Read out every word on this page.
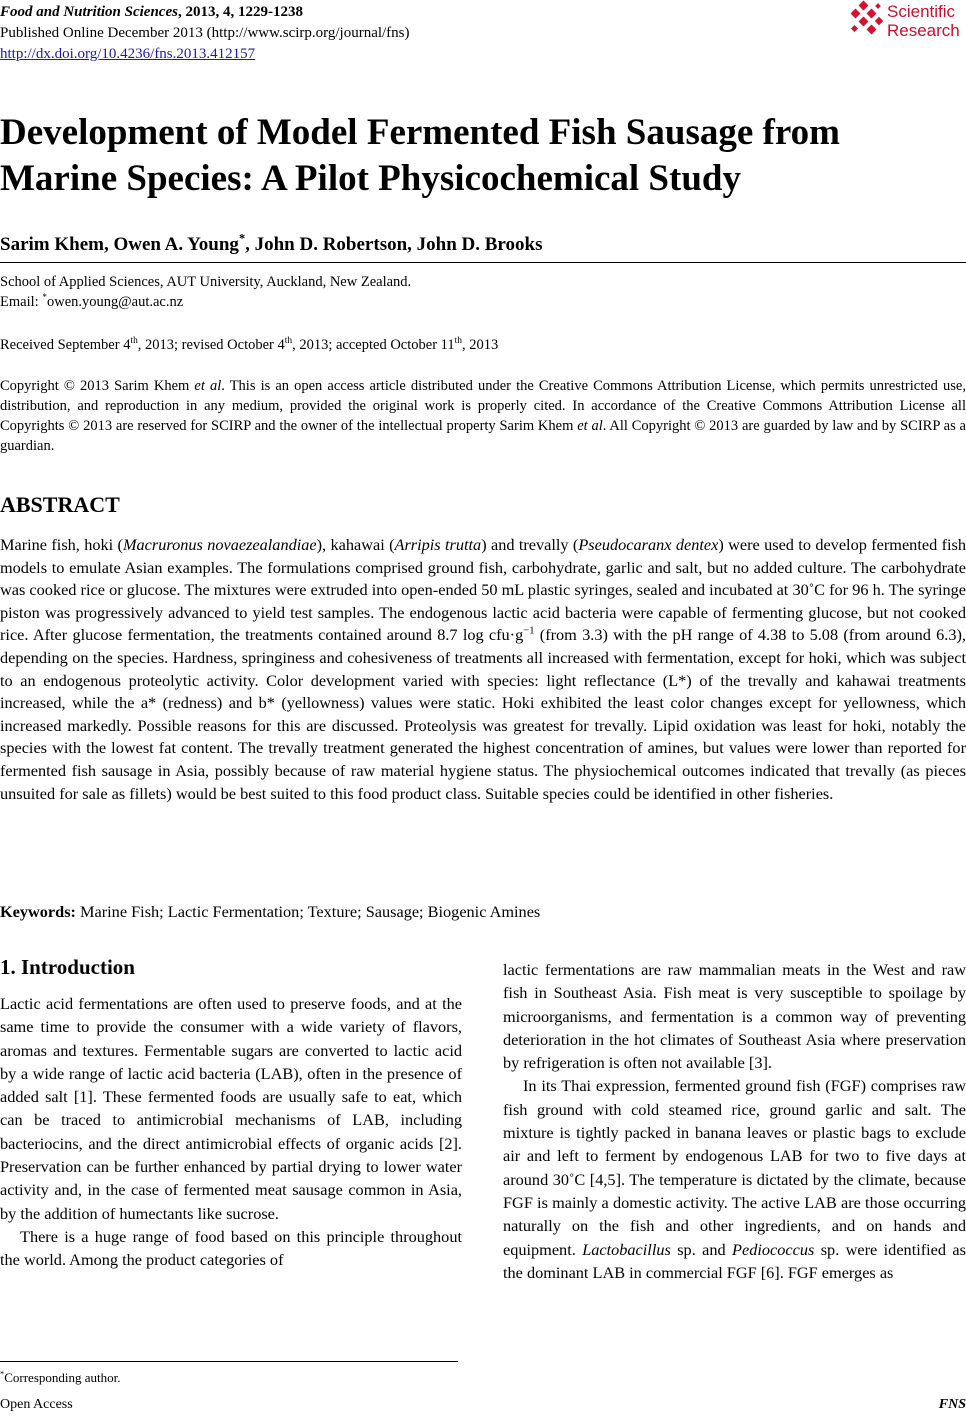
Food and Nutrition Sciences, 2013, 4, 1229-1238
Published Online December 2013 (http://www.scirp.org/journal/fns)
http://dx.doi.org/10.4236/fns.2013.412157
Scientific
Research
Development of Model Fermented Fish Sausage from
Marine Species: A Pilot Physicochemical Study
Sarim Khem, Owen A. Young*, John D. Robertson, John D. Brooks
School of Applied Sciences, AUT University, Auckland, New Zealand.
Email: *owen.young@aut.ac.nz
Received September 4th, 2013; revised October 4th, 2013; accepted October 11th, 2013
Copyright © 2013 Sarim Khem et al. This is an open access article distributed under the Creative Commons Attribution License, which permits unrestricted use, distribution, and reproduction in any medium, provided the original work is properly cited. In accordance of the Creative Commons Attribution License all Copyrights © 2013 are reserved for SCIRP and the owner of the intellectual property Sarim Khem et al. All Copyright © 2013 are guarded by law and by SCIRP as a guardian.
ABSTRACT
Marine fish, hoki (Macruronus novaezealandiae), kahawai (Arripis trutta) and trevally (Pseudocaranx dentex) were used to develop fermented fish models to emulate Asian examples. The formulations comprised ground fish, carbohydrate, garlic and salt, but no added culture. The carbohydrate was cooked rice or glucose. The mixtures were extruded into open-ended 50 mL plastic syringes, sealed and incubated at 30˚C for 96 h. The syringe piston was progressively advanced to yield test samples. The endogenous lactic acid bacteria were capable of fermenting glucose, but not cooked rice. After glucose fermentation, the treatments contained around 8.7 $\log cfu\cdot g^{-1}$ (from 3.3) with the pH range of 4.38 to 5.08 (from around 6.3), depending on the species. Hardness, springiness and cohesiveness of treatments all increased with fermentation, except for hoki, which was subject to an endogenous proteolytic activity. Color development varied with species: light reflectance (L*) of the trevally and kahawai treatments increased, while the a* (redness) and b* (yellowness) values were static. Hoki exhibited the least color changes except for yellowness, which increased markedly. Possible reasons for this are discussed. Proteolysis was greatest for trevally. Lipid oxidation was least for hoki, notably the species with the lowest fat content. The trevally treatment generated the highest concentration of amines, but values were lower than reported for fermented fish sausage in Asia, possibly because of raw material hygiene status. The physiochemical outcomes indicated that trevally (as pieces unsuited for sale as fillets) would be best suited to this food product class. Suitable species could be identified in other fisheries.
Keywords: Marine Fish; Lactic Fermentation; Texture; Sausage; Biogenic Amines
1. Introduction

Lactic acid fermentations are often used to preserve foods, and at the same time to provide the consumer with a wide variety of flavors, aromas and textures. Fermentable sugars are converted to lactic acid by a wide range of lactic acid bacteria (LAB), often in the presence of added salt [1]. These fermented foods are usually safe to eat, which can be traced to antimicrobial mechanisms of LAB, including bacteriocins, and the direct antimicrobial effects of organic acids [2]. Preservation can be further enhanced by partial drying to lower water activity and, in the case of fermented meat sausage common in Asia, by the addition of humectants like sucrose.

There is a huge range of food based on this principle throughout the world. Among the product categories of

lactic fermentations are raw mammalian meats in the West and raw fish in Southeast Asia. Fish meat is very susceptible to spoilage by microorganisms, and fermentation is a common way of preventing deterioration in the hot climates of Southeast Asia where preservation by refrigeration is often not available [3].

In its Thai expression, fermented ground fish (FGF) comprises raw fish ground with cold steamed rice, ground garlic and salt. The mixture is tightly packed in banana leaves or plastic bags to exclude air and left to ferment by endogenous LAB for two to five days at around 30˚C [4,5]. The temperature is dictated by the climate, because FGF is mainly a domestic activity. The active LAB are those occurring naturally on the fish and other ingredients, and on hands and equipment. Lactobacillus sp. and Pediococcus sp. were identified as the dominant LAB in commercial FGF [6]. FGF emerges as

*Corresponding author.
Open Access	FNS
